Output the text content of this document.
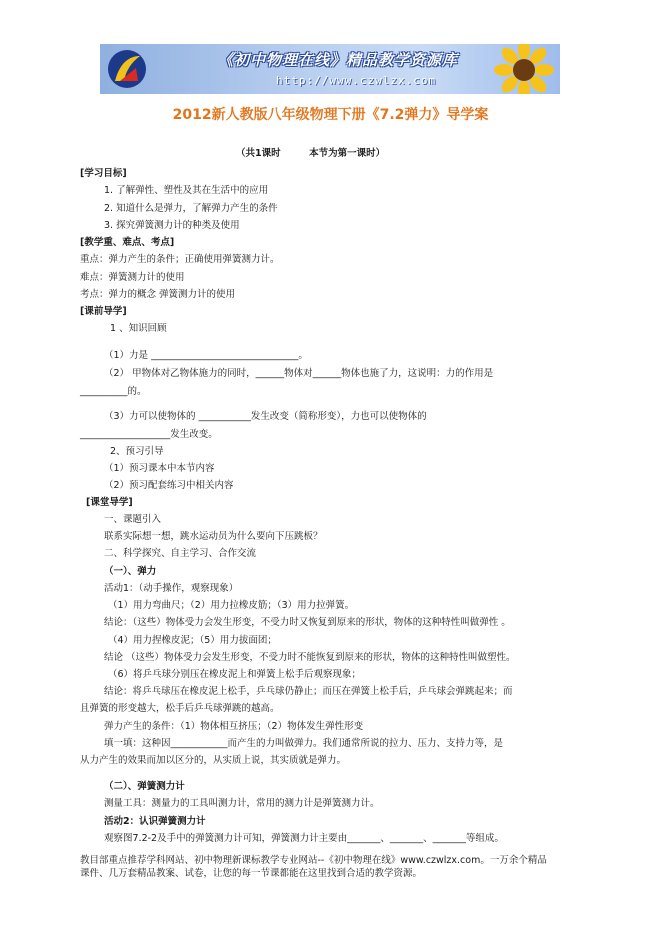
《初中物理在线》精品教学资源库
http://www.czwlzx.com
2012新人教版八年级物理下册《7.2弹力》导学案
（共1课时　　　本节为第一课时）
[学习目标]
1. 了解弹性、塑性及其在生活中的应用
2. 知道什么是弹力，了解弹力产生的条件
3. 探究弹簧测力计的种类及使用
[教学重、难点、考点]
重点：弹力产生的条件；正确使用弹簧测力计。
难点：弹簧测力计的使用
考点：弹力的概念 弹簧测力计的使用
[课前导学]
1 、知识回顾
（1）力是 _______________________________。
（2） 甲物体对乙物体施力的同时，______物体对______物体也施了力，这说明：力的作用是
__________的。
（3）力可以使物体的 ___________发生改变（简称形变），力也可以使物体的
___________________发生改变。
2、预习引导
（1）预习课本中本节内容
（2）预习配套练习中相关内容
[课堂导学]
一、课题引入
联系实际想一想，跳水运动员为什么要向下压跳板？
二、科学探究、自主学习、合作交流
（一）、弹力
活动1：（动手操作，观察现象）
（1）用力弯曲尺；（2）用力拉橡皮筋；（3）用力拉弹簧。
结论：（这些）物体受力会发生形变，不受力时又恢复到原来的形状，物体的这种特性叫做弹性 。
（4）用力捏橡皮泥；（5）用力拔面团；
结论 （这些）物体受力会发生形变，不受力时不能恢复到原来的形状，物体的这种特性叫做塑性。
（6）将乒乓球分别压在橡皮泥上和弹簧上松手后观察现象；
结论：将乒乓球压在橡皮泥上松手，乒乓球仍静止；而压在弹簧上松手后，乒乓球会弹跳起来；而
且弹簧的形变越大，松手后乒乓球弹跳的越高。
弹力产生的条件：（1）物体相互挤压；（2）物体发生弹性形变
填一填：这种因____________而产生的力叫做弹力。我们通常所说的拉力、压力、支持力等，是
从力产生的效果而加以区分的，从实质上说，其实质就是弹力。
（二）、弹簧测力计
测量工具：测量力的工具叫测力计，常用的测力计是弹簧测力计。
活动2：认识弹簧测力计
观察图7.2-2及手中的弹簧测力计可知，弹簧测力计主要由_______、_______、_______等组成。
教目部重点推荐学科网站、初中物理新课标教学专业网站--《初中物理在线》www.czwlzx.com。一万余个精品
课件、几万套精品教案、试卷，让您的每一节课都能在这里找到合适的教学资源。
